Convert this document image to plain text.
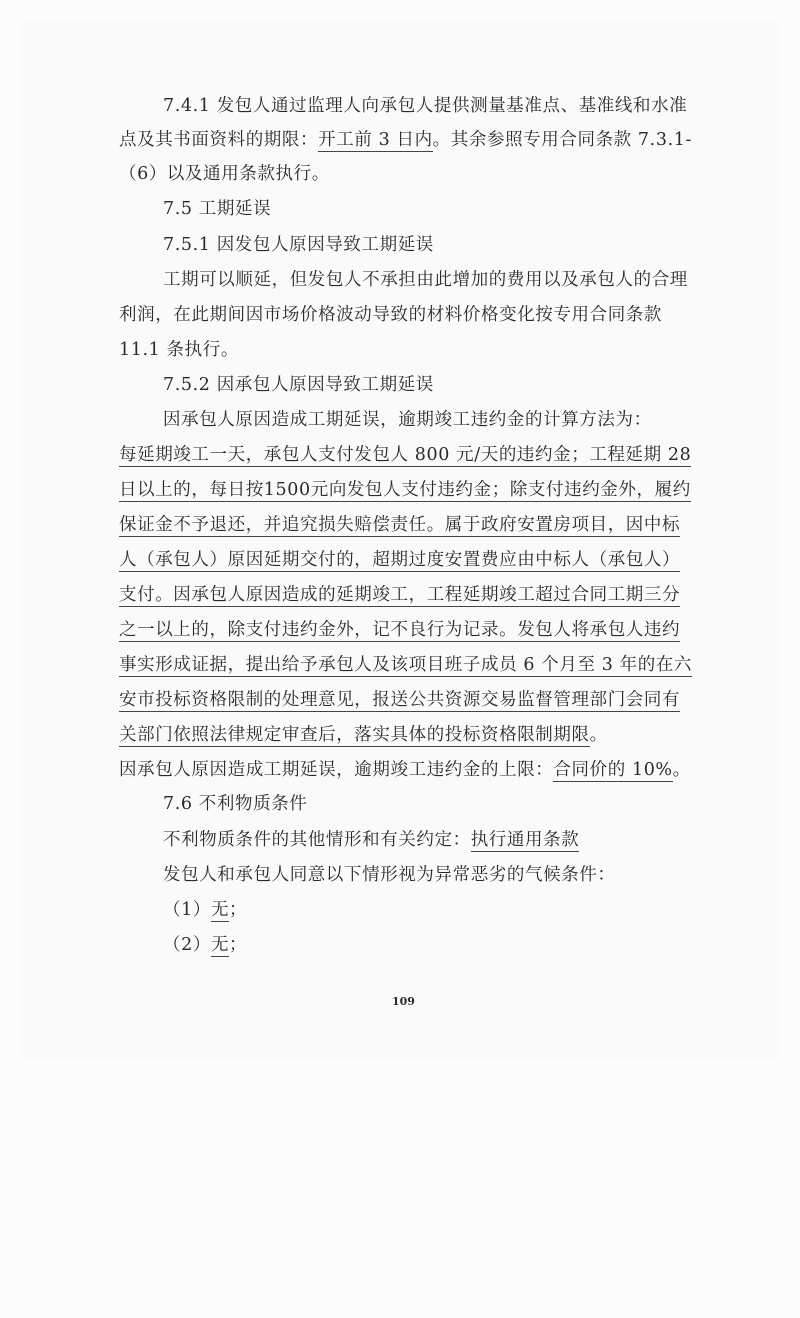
7.4.1 发包人通过监理人向承包人提供测量基准点、基准线和水准
点及其书面资料的期限：开工前 3 日内。其余参照专用合同条款 7.3.1-
（6）以及通用条款执行。
7.5 工期延误
7.5.1 因发包人原因导致工期延误
工期可以顺延，但发包人不承担由此增加的费用以及承包人的合理
利润，在此期间因市场价格波动导致的材料价格变化按专用合同条款
11.1 条执行。
7.5.2 因承包人原因导致工期延误
因承包人原因造成工期延误，逾期竣工违约金的计算方法为：
每延期竣工一天，承包人支付发包人 800 元/天的违约金；工程延期 28
日以上的，每日按1500元向发包人支付违约金；除支付违约金外，履约
保证金不予退还，并追究损失赔偿责任。属于政府安置房项目，因中标
人（承包人）原因延期交付的，超期过度安置费应由中标人（承包人）
支付。因承包人原因造成的延期竣工，工程延期竣工超过合同工期三分
之一以上的，除支付违约金外，记不良行为记录。发包人将承包人违约
事实形成证据，提出给予承包人及该项目班子成员 6 个月至 3 年的在六
安市投标资格限制的处理意见，报送公共资源交易监督管理部门会同有
关部门依照法律规定审查后，落实具体的投标资格限制期限。
因承包人原因造成工期延误，逾期竣工违约金的上限：合同价的 10%。
7.6 不利物质条件
不利物质条件的其他情形和有关约定：执行通用条款
发包人和承包人同意以下情形视为异常恶劣的气候条件：
（1）无；
（2）无；
109
